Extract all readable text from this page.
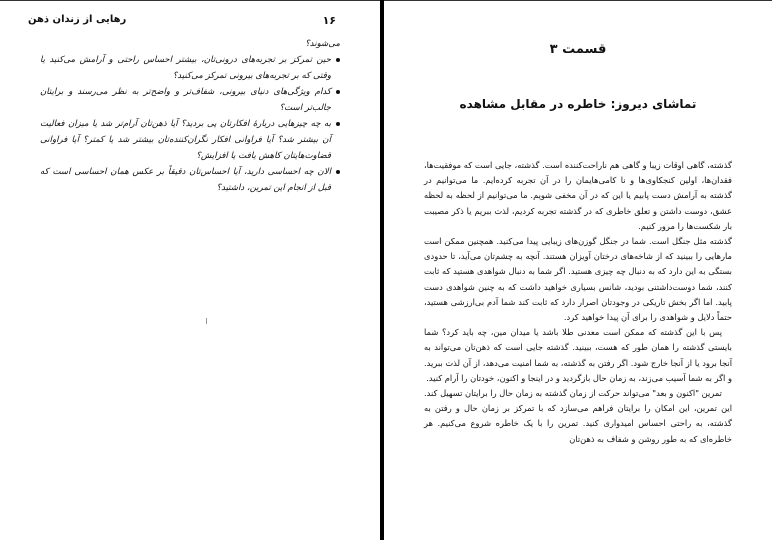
رهایی از زندان ذهن	۱۶

می‌شوند؟

حین تمرکز بر تجربه‌های درونی‌تان، بیشتر احساس راحتی و آرامش می‌کنید یا وقتی که بر تجربه‌های بیرونی تمرکز می‌کنید؟

کدام ویژگی‌های دنیای بیرونی، شفاف‌تر و واضح‌تر به نظر می‌رسند و برایتان جالب‌تر است؟

به چه چیزهایی دربارهٔ افکارتان پی بردید؟ آیا ذهن‌تان آرام‌تر شد یا میزان فعالیت آن بیشتر شد؟ آیا فراوانی افکار نگران‌کننده‌تان بیشتر شد یا کمتر؟ آیا فراوانی قضاوت‌هایتان کاهش یافت یا افزایش؟

الان چه احساسی دارید، آیا احساس‌تان دقیقاً بر عکس همان احساسی است که قبل از انجام این تمرین، داشتید؟

قسمت ۳
تماشای دیروز: خاطره در مقابل مشاهده

گذشته، گاهی اوقات زیبا و گاهی هم ناراحت‌کننده است. گذشته، جایی است که موفقیت‌ها، فقدان‌ها، اولین کنجکاوی‌ها و نا کامی‌هایمان را در آن تجربه کرده‌ایم. ما می‌توانیم در گذشته به آرامش دست پابیم یا این که در آن مخفی شویم. ما می‌توانیم از لحظه به لحظه عشق، دوست داشتن و تعلق خاطری که در گذشته تجربه کردیم، لذت ببریم یا ذکر مصیبت بار شکست‌ها را مرور کنیم.

گذشته مثل جنگل است. شما در جنگل گوزن‌های زیبایی پیدا می‌کنید. همچنین ممکن است مارهایی را ببینید که از شاخه‌های درختان آویزان هستند. آنچه به چشم‌تان می‌آید، تا حدودی بستگی به این دارد که به دنبال چه چیزی هستید. اگر شما به دنبال شواهدی هستید که ثابت کنند، شما دوست‌داشتنی بودید، شانس بسیاری خواهید داشت که به چنین شواهدی دست پابید. اما اگر بخش تاریکی در وجودتان اصرار دارد که ثابت کند شما آدم بی‌ارزشی هستید، حتماً دلایل و شواهدی را برای آن پیدا خواهید کرد.

پس با این گذشته که ممکن است معدنی طلا باشد یا میدان مین، چه باید کرد؟ شما بایستی گذشته را همان طور که هست، ببینید. گذشته جایی است که ذهن‌تان می‌تواند به آنجا برود یا از آنجا خارج شود. اگر رفتن به گذشته، به شما امنیت می‌دهد، از آن لذت ببرید. و اگر به شما آسیب می‌زند، به زمان حال بازگردید و در اینجا و اکنون، خودتان را آرام کنید.

تمرین "اکنون و بعد" می‌تواند حرکت از زمان گذشته به زمان حال را برایتان تسهیل کند. این تمرین، این امکان را برایتان فراهم می‌سازد که با تمرکز بر زمان حال و رفتن به گذشته، به راحتی احساس امیدواری کنید. تمرین را با یک خاطره شروع می‌کنیم. هر خاطره‌ای که به طور روشن و شفاف به ذهن‌تان
